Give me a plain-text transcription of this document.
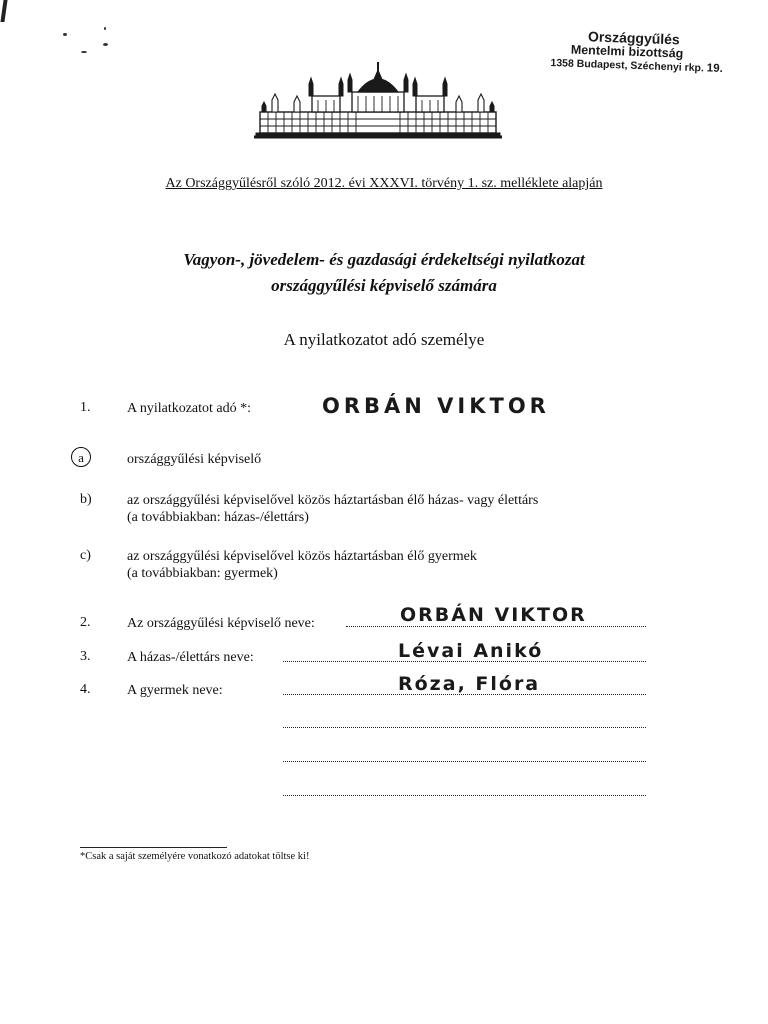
Országgyűlés
Mentelmi bizottság
1358 Budapest, Széchenyi rkp. 19.
Az Országgyűlésről szóló 2012. évi XXXVI. törvény 1. sz. melléklete alapján
Vagyon-, jövedelem- és gazdasági érdekeltségi nyilatkozat
országgyűlési képviselő számára
A nyilatkozatot adó személye
1.	A nyilatkozatot adó *:	ORBÁN VIKTOR
a	országgyűlési képviselő
b)	az országgyűlési képviselővel közös háztartásban élő házas- vagy élettárs
(a továbbiakban: házas-/élettárs)
c)	az országgyűlési képviselővel közös háztartásban élő gyermek
(a továbbiakban: gyermek)
2.	Az országgyűlési képviselő neve:	ORBÁN VIKTOR
3.	A házas-/élettárs neve:	Lévai Anikó
4.	A gyermek neve:	Róza, Flóra
*Csak a saját személyére vonatkozó adatokat töltse ki!
